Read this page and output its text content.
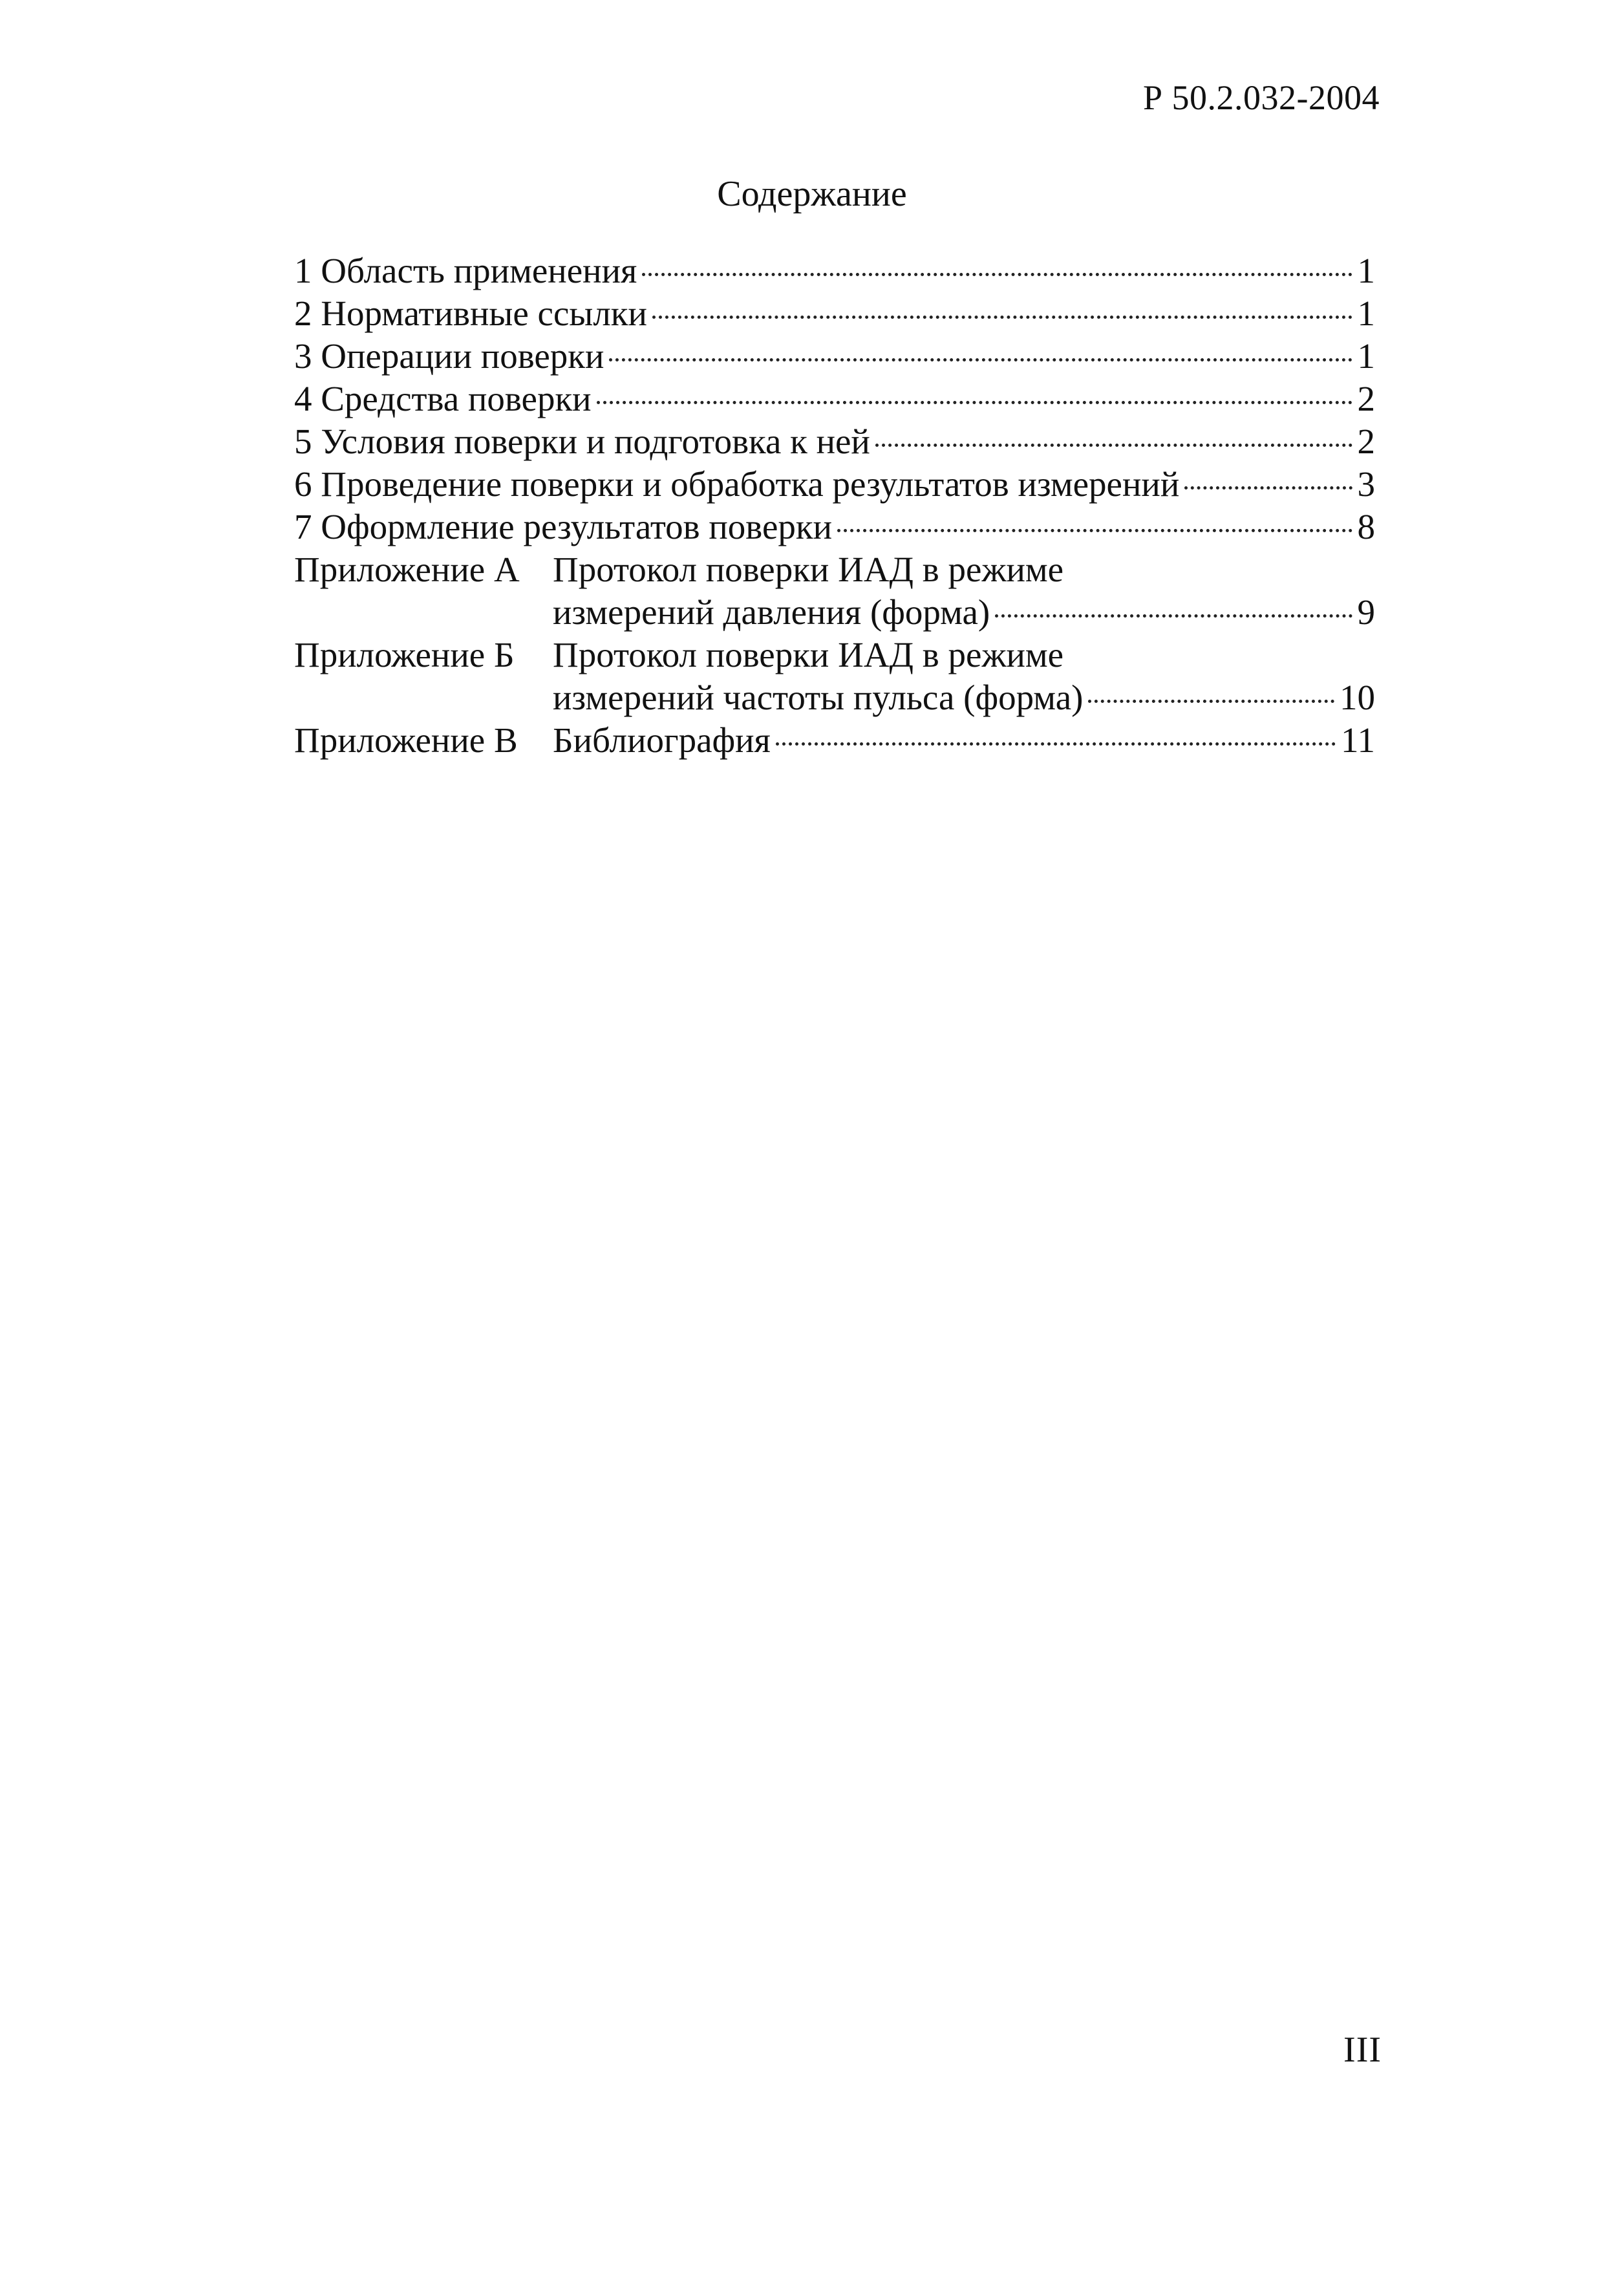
Р 50.2.032-2004
Содержание
1 Область применения	1
2 Нормативные ссылки	1
3 Операции поверки	1
4 Средства поверки	2
5 Условия поверки и подготовка к ней	2
6 Проведение поверки и обработка результатов измерений	3
7 Оформление результатов поверки	8
Приложение А Протокол поверки ИАД в режиме
измерений давления (форма)	9
Приложение Б	Протокол поверки ИАД в режиме
измерений частоты пульса (форма)	10
Приложение В Библиография	11
III
